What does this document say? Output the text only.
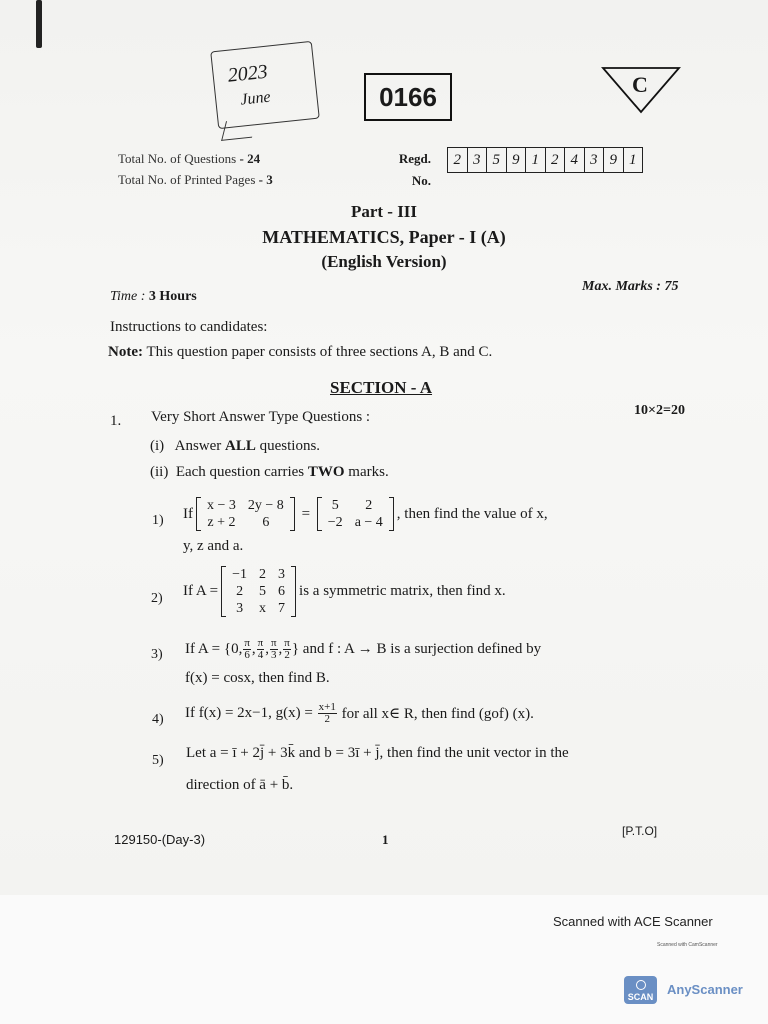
2023
June	0166	C
Total No. of Questions - 24
Total No. of Printed Pages - 3
Regd.
No.
2 3 5 9 1 2 4 3 9 1
Part - III
MATHEMATICS, Paper - I (A)
(English Version)
Time : 3 Hours
Max. Marks : 75
Instructions to candidates:
Note: This question paper consists of three sections A, B and C.
SECTION - A
1. Very Short Answer Type Questions :	10×2=20
(i) Answer ALL questions.
(ii) Each question carries TWO marks.
1) If x − 3	2y − 8
z + 2	6
= 5	2
−2	a − 4
, then find the value of x,
y, z and a.
2) If A =
−1	2	3
2	5	6
3	x	7
is a symmetric matrix, then find x.
3) If A =
{0, $\frac{\pi}{6}$ , $\frac{\pi}{4}$ , $\frac{\pi}{3}$ , $\frac{\pi}{2}$ }
and f : A → B is a surjection defined by
f(x) = cosx, then find B.
4) If f(x) = 2x−1, g(x) =
$\frac{x+1}{2}$
for all x∈ R, then find (gof) (x).
5) Let a = ī + 2j̄ + 3k̄ and b = 3ī + j̄, then find the unit vector in the
direction of ā + b̄.
129150-(Day-3)	1
[P.T.O]
Scanned with ACE Scanner
Scanned with CamScanner
SCAN AnyScanner
